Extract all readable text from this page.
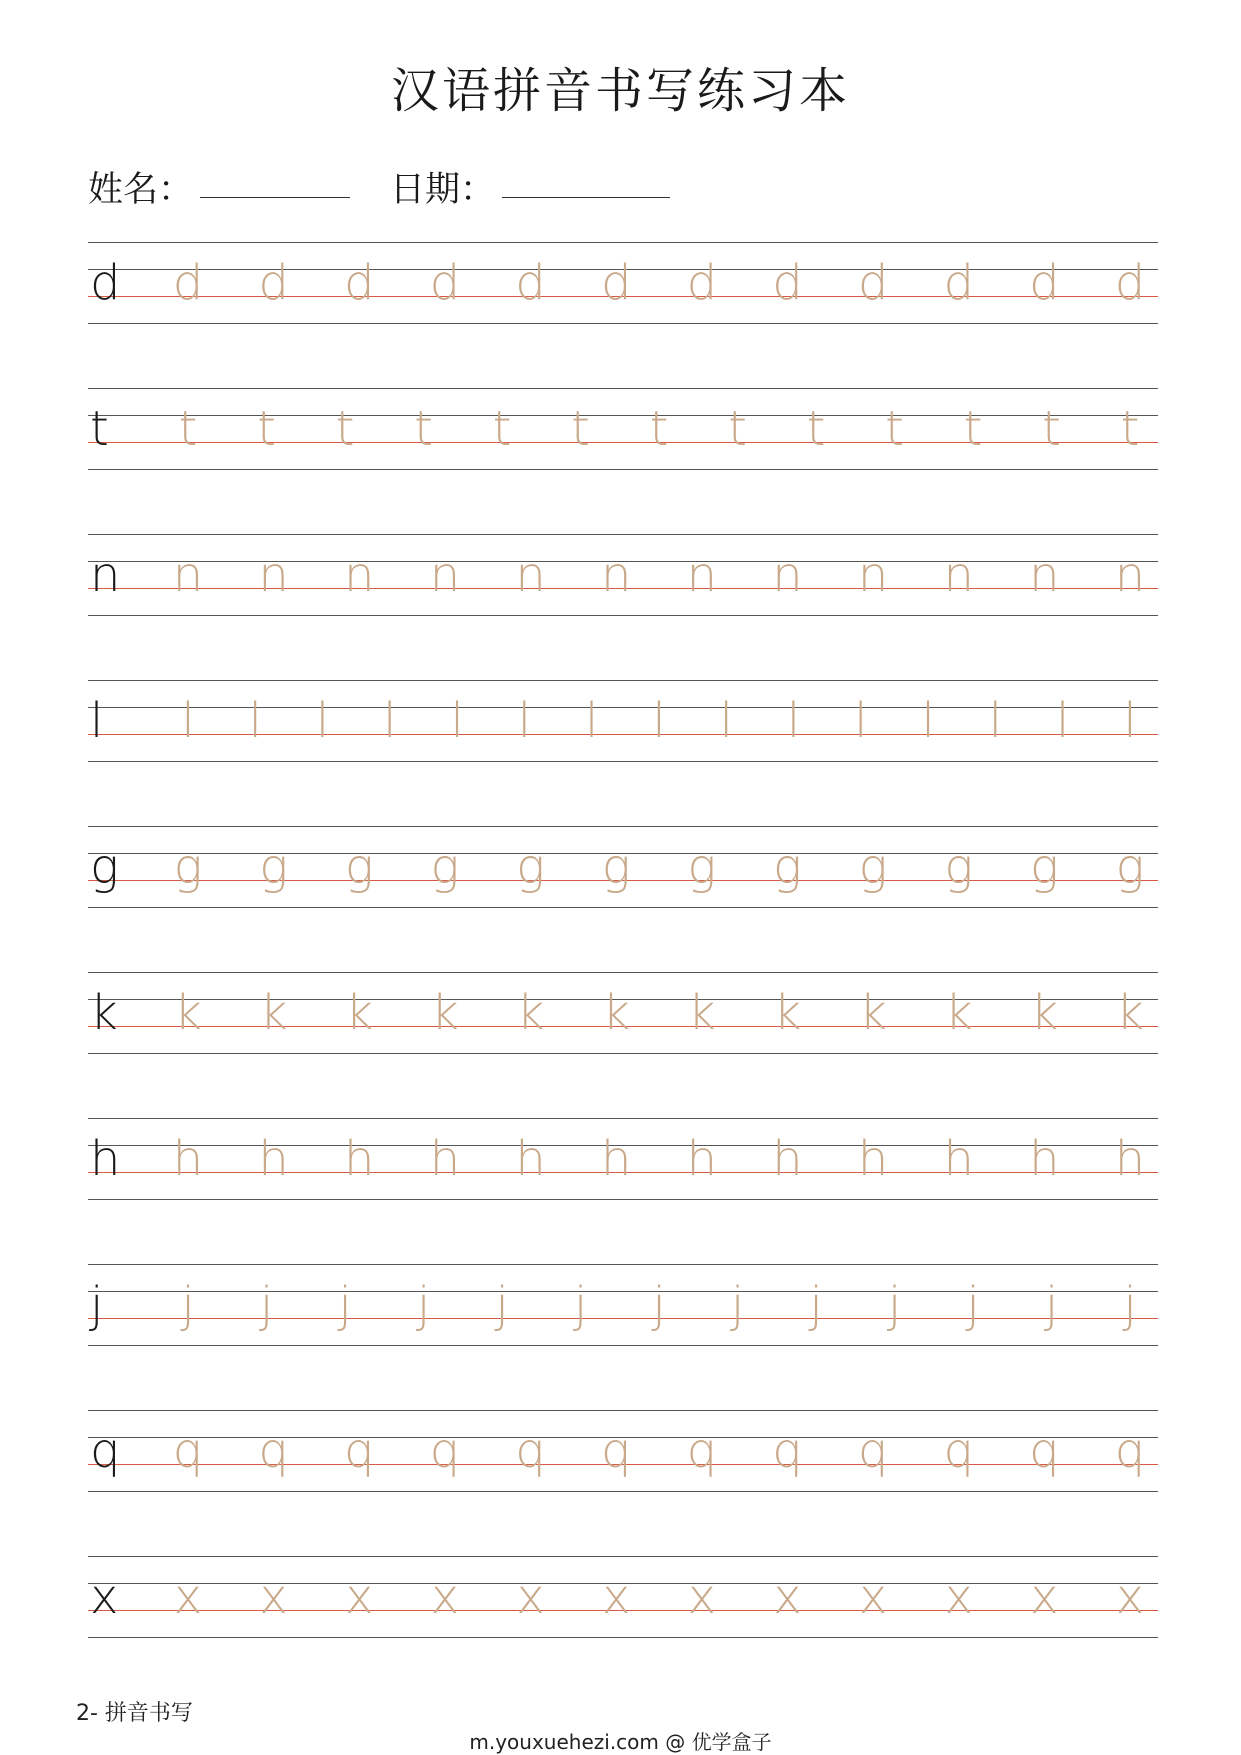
汉语拼音书写练习本
姓名：	日期：
d d d d d d d d d d d d d
t t t t t t t t t t t t t t
n n n n n n n n n n n n n
l l l l l l l l l l l l l l l l
g g g g g g g g g g g g g
k k k k k k k k k k k k k
h h h h h h h h h h h h h
j j j j j j j j j j j j j j
q q q q q q q q q q q q q
x x x x x x x x x x x x x
2- 拼音书写
m.youxuehezi.com @ 优学盒子
